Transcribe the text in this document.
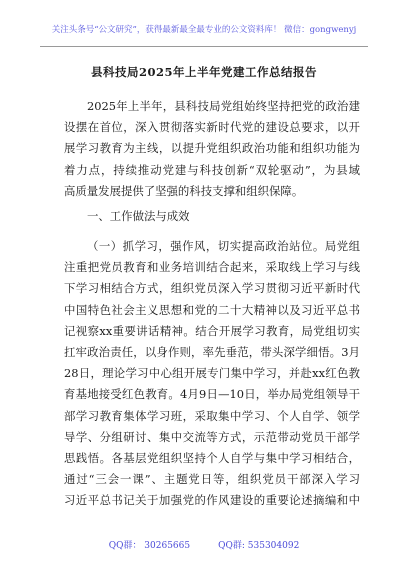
关注头条号“公文研究”，获得最新最全最专业的公文资料库！ 微信：gongwenyj
县科技局2025年上半年党建工作总结报告
2025年上半年，县科技局党组始终坚持把党的政治建
设摆在首位，深入贯彻落实新时代党的建设总要求，以开
展学习教育为主线，以提升党组织政治功能和组织功能为
着力点，持续推动党建与科技创新“双轮驱动”，为县域
高质量发展提供了坚强的科技支撑和组织保障。
一、工作做法与成效
（一）抓学习，强作风，切实提高政治站位。局党组
注重把党员教育和业务培训结合起来，采取线上学习与线
下学习相结合方式，组织党员深入学习贯彻习近平新时代
中国特色社会主义思想和党的二十大精神以及习近平总书
记视察xx重要讲话精神。结合开展学习教育，局党组切实
扛牢政治责任，以身作则，率先垂范，带头深学细悟。3月
28日，理论学习中心组开展专门集中学习，并赴xx红色教
育基地接受红色教育。4月9日—10日，举办局党组领导干
部学习教育集体学习班，采取集中学习、个人自学、领学
导学、分组研讨、集中交流等方式，示范带动党员干部学
思践悟。各基层党组织坚持个人自学与集中学习相结合，
通过“三会一课”、主题党日等，组织党员干部深入学习
习近平总书记关于加强党的作风建设的重要论述摘编和中
QQ群： 30265665	QQ群: 535304092
